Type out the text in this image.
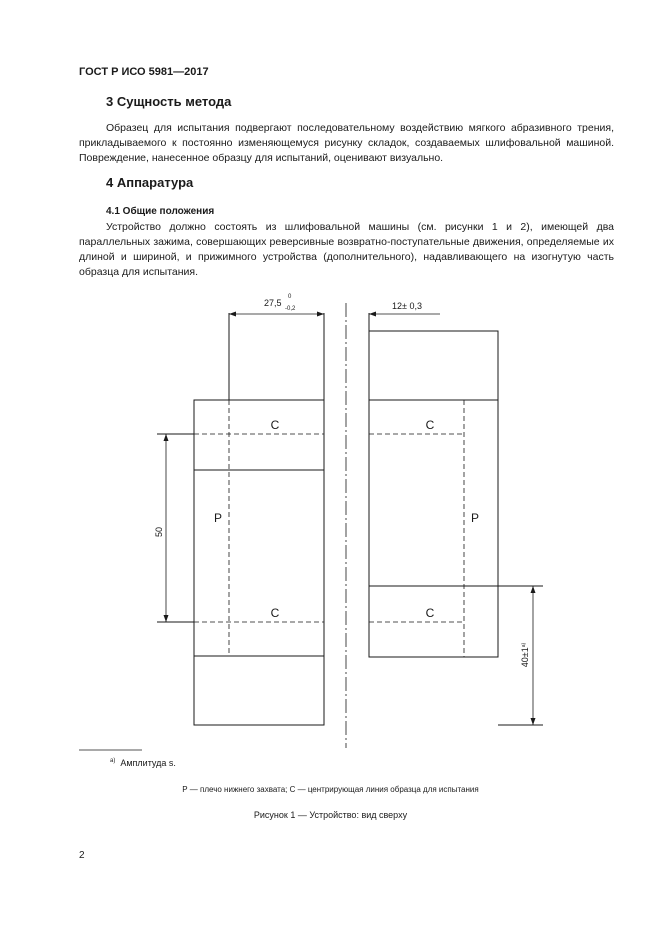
ГОСТ Р ИСО 5981—2017
3 Сущность метода

Образец для испытания подвергают последовательному воздействию мягкого абразивного трения, прикладываемого к постоянно изменяющемуся рисунку складок, создаваемых шлифовальной машиной. Повреждение, нанесенное образцу для испытаний, оценивают визуально.

4 Аппаратура
4.1 Общие положения

Устройство должно состоять из шлифовальной машины (см. рисунки 1 и 2), имеющей два параллельных зажима, совершающих реверсивные возвратно-поступательные движения, определяемые их длиной и шириной, и прижимного устройства (дополнительного), надавливающего на изогнутую часть образца для испытания.

27,5
0
-0,2	12± 0,3
50
$40\pm 1^{a)}$
C
C
P
C
C
P
$^{a)}$ Амплитуда s.
Р — плечо нижнего захвата; С — центрирующая линия образца для испытания
Рисунок 1 — Устройство: вид сверху
2
